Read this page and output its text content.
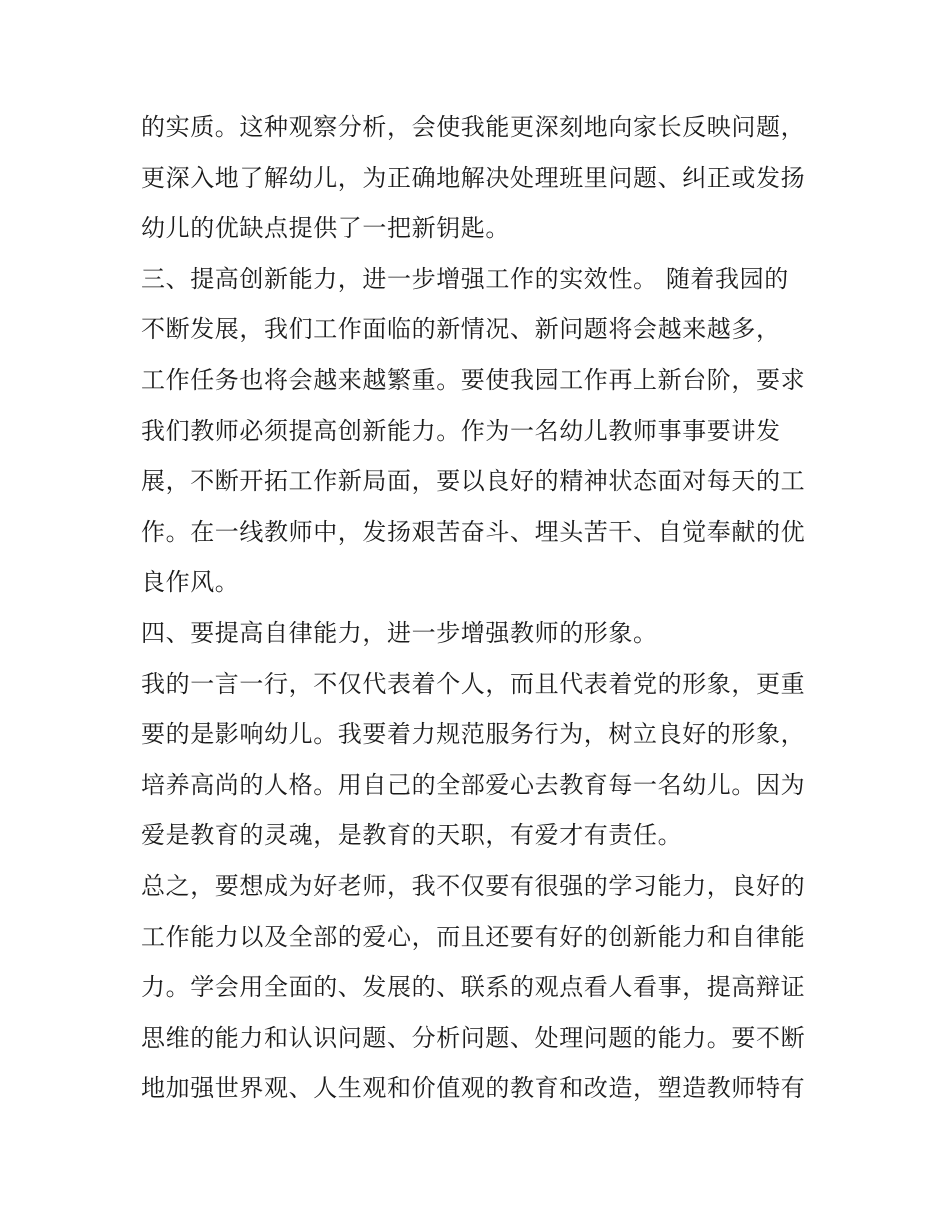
的实质。这种观察分析，会使我能更深刻地向家长反映问题，
更深入地了解幼儿，为正确地解决处理班里问题、纠正或发扬
幼儿的优缺点提供了一把新钥匙。
三、提高创新能力，进一步增强工作的实效性。 随着我园的
不断发展，我们工作面临的新情况、新问题将会越来越多，
工作任务也将会越来越繁重。要使我园工作再上新台阶，要求
我们教师必须提高创新能力。作为一名幼儿教师事事要讲发
展，不断开拓工作新局面，要以良好的精神状态面对每天的工
作。在一线教师中，发扬艰苦奋斗、埋头苦干、自觉奉献的优
良作风。
四、要提高自律能力，进一步增强教师的形象。
我的一言一行，不仅代表着个人，而且代表着党的形象，更重
要的是影响幼儿。我要着力规范服务行为，树立良好的形象，
培养高尚的人格。用自己的全部爱心去教育每一名幼儿。因为
爱是教育的灵魂，是教育的天职，有爱才有责任。
总之，要想成为好老师，我不仅要有很强的学习能力，良好的
工作能力以及全部的爱心，而且还要有好的创新能力和自律能
力。学会用全面的、发展的、联系的观点看人看事，提高辩证
思维的能力和认识问题、分析问题、处理问题的能力。要不断
地加强世界观、人生观和价值观的教育和改造，塑造教师特有
